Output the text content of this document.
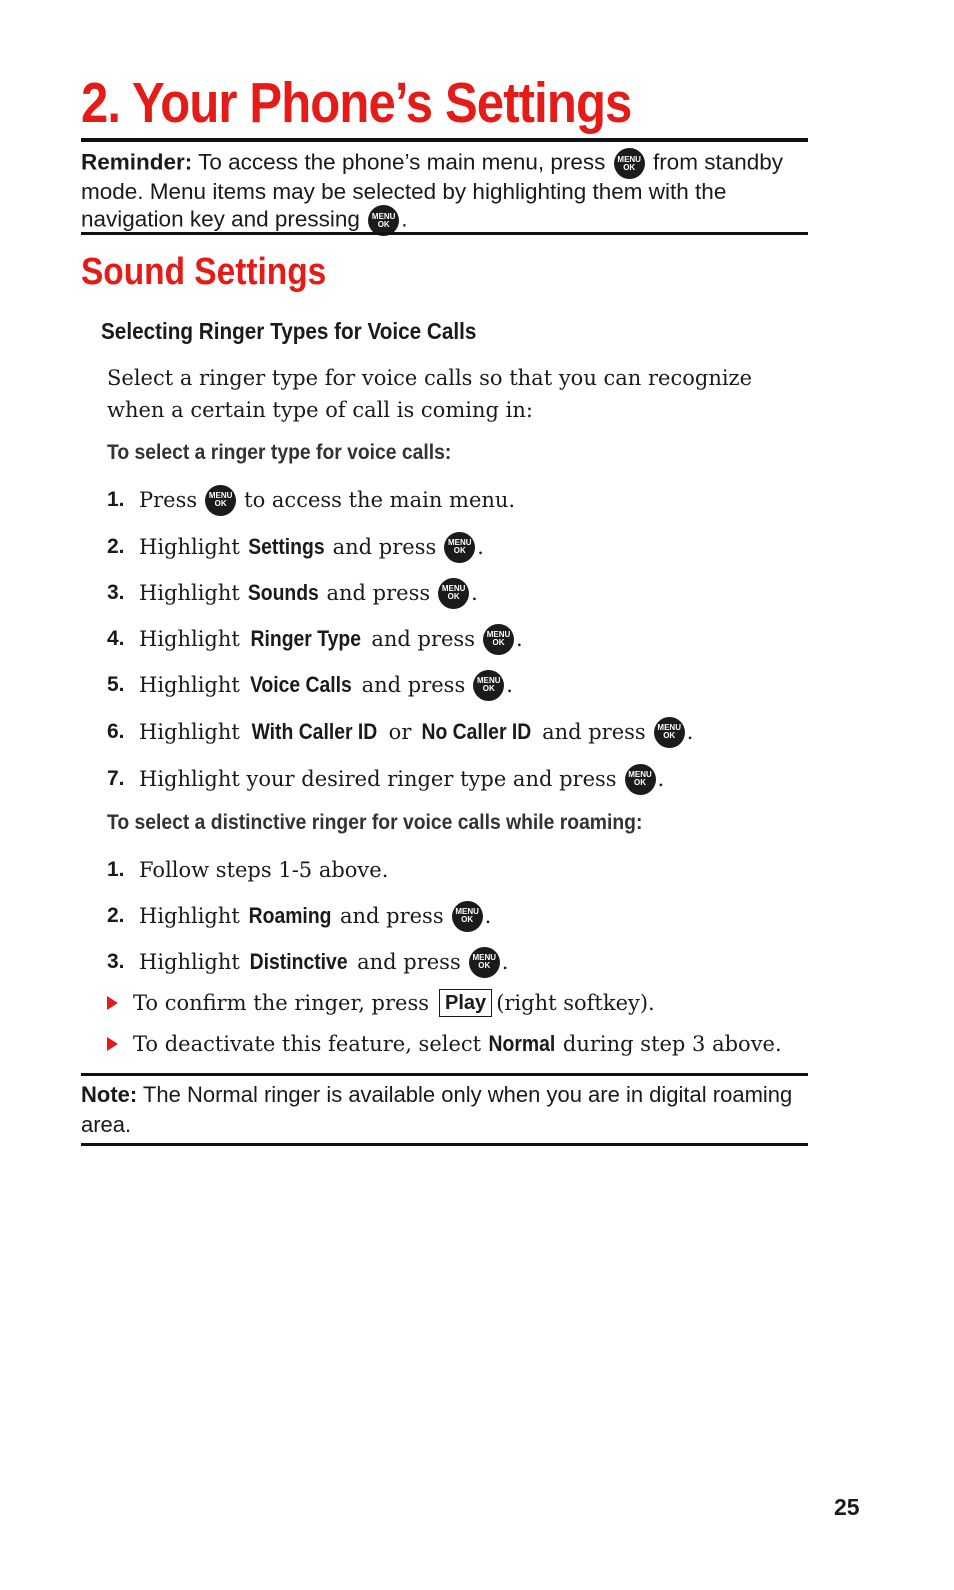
2. Your Phone’s Settings

Reminder: To access the phone’s main menu, press MENU
OK from standby mode. Menu items may be selected by highlighting them with the navigation key and pressing MENU
OK .

Sound Settings
Selecting Ringer Types for Voice Calls

Select a ringer type for voice calls so that you can recognize when a certain type of call is coming in:

To select a ringer type for voice calls:
1. Press MENU
OK to access the main menu.
2. Highlight Settings and press MENU
OK .
3. Highlight Sounds and press MENU
OK .
4. Highlight Ringer Type and press MENU
OK .
5. Highlight Voice Calls and press MENU
OK .
6. Highlight With Caller ID or No Caller ID and press MENU
OK .
7. Highlight your desired ringer type and press MENU
OK .
To select a distinctive ringer for voice calls while roaming:
1. Follow steps 1-5 above.
2. Highlight Roaming and press MENU
OK .
3. Highlight Distinctive and press MENU
OK .
To confirm the ringer, press Play (right softkey).
To deactivate this feature, select Normal during step 3 above.

Note: The Normal ringer is available only when you are in digital roaming area.

25
